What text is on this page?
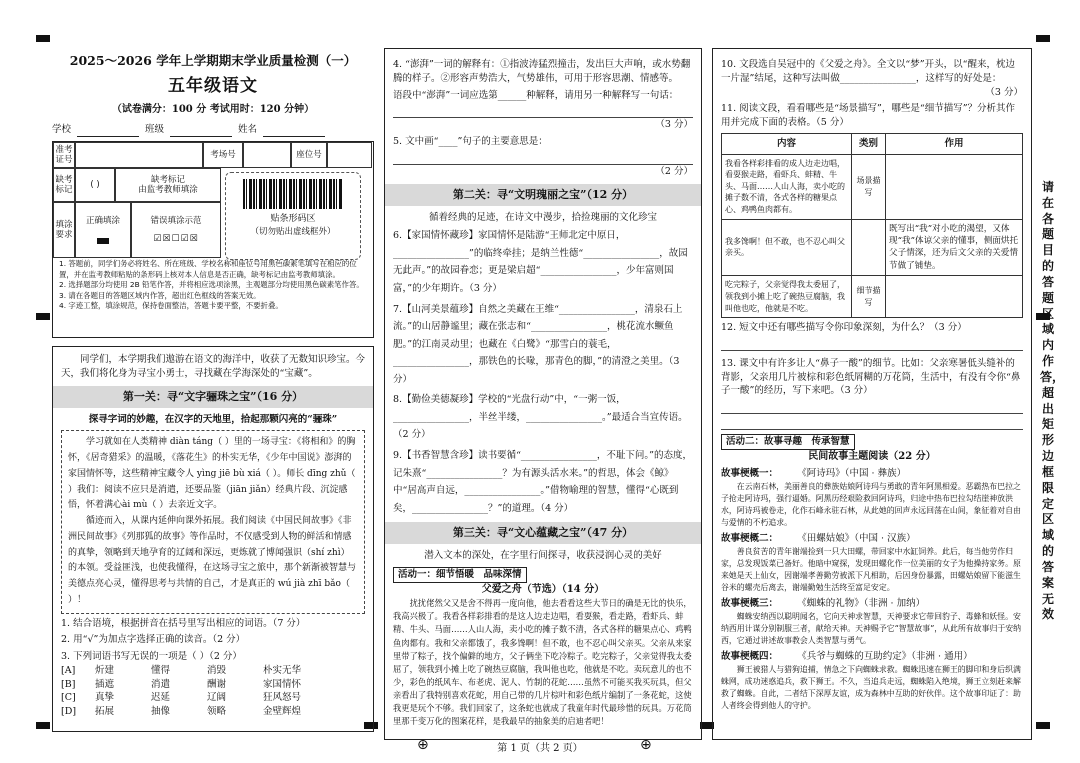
2025～2026 学年上学期期末学业质量检测（一）
五年级语文
（试卷满分：100 分 考试用时：120 分钟）
学校	班级	姓名
准考证号
考场号	座位号
缺考标记
( )
缺考标记
由监考教师填涂
填涂要求
正确填涂	错误填涂示范
☑☒☐☑☒
贴条形码区
（切勿贴出虚线框外）
1. 答题前，同学们务必将姓名、所在班级、学校名称和座位号用黑色碳素笔填写在相应的位置，并在监考教师粘贴的条形码上核对本人信息是否正确，缺考标记由监考教师填涂。
2. 选择题部分均使用 2B 铅笔作答，并将相应选项涂黑，主观题部分均使用黑色碳素笔作答。
3. 请在各题目的答题区域内作答，超出红色框线的答案无效。
4. 字迹工整，填涂规范，保持卷面整洁，答题卡要平整，不要折叠。
同学们，本学期我们遨游在语文的海洋中，收获了无数知识珍宝。今天，我们将化身为寻宝小勇士，寻找藏在学海深处的“宝藏”。
第一关：寻“文字骊珠之宝”（16 分）
探寻字词的妙趣，在汉字的天地里，拾起那颗闪亮的“骊珠”
学习就如在人类精神 diàn táng（ ）里的一场寻宝：《将相和》的胸怀，《居奇猎采》的温暖，《落花生》的朴实无华，《少年中国说》澎湃的家国情怀等，这些精神宝藏令人 yìng jiē bù xiá（ ）。师长 dīng zhǔ（ ）我们：阅读不应只是消遣，还要品鉴（jiān jiǎn）经典片段、沉淀感悟，怀着满心ài mù（ ）去亲近文字。
循迹而入，从课内延伸向课外拓展。我们阅读《中国民间故事》《非洲民间故事》《列那狐的故事》等作品时，不仅感受到人物的鲜活和情感的真挚，领略到天地孕育的辽阔和深远，更炼就了博闻强识（shí zhì）的本领。受益匪浅，也使我懂得，在这场寻宝之旅中，那个新渐被智慧与美德点亮心灵，懂得思考与共情的自己，才是真正的 wú jià zhī bǎo（ ）！
1. 结合语境，根据拼音在括号里写出相应的词语。（7 分）
2. 用“√”为加点字选择正确的读音。（2 分）
3. 下列词语书写无误的一项是（ ）（2 分）
[A]	炘建	懂得	消毁	朴实无华
[B]	插遮	消遣	酬谢	家国情怀
[C]	真挚	迟延	辽阔	狂风怒号
[D]	拓展	抽像	领略	金壁辉煌
4. “澎湃”一词的解释有：①指波涛猛烈撞击，发出巨大声响，或水势翻腾的样子。②形容声势浩大，气势雄伟，可用于形容思潮、情感等。
语段中“澎湃”一词应选第______种解释，请用另一种解释写一句话：
（3 分）
5. 文中画“____”句子的主要意思是：
（2 分）
第二关：寻“文明瑰丽之宝”（12 分）
循着经典的足迹，在诗文中漫步，拾捡瑰丽的文化珍宝
6.【家国情怀藏珍】家国情怀是陆游“王师北定中原日，________________”的临终牵挂；是纳兰性德“________________，故园无此声。”的故园眷恋；更是梁启超“________________，少年富则国富，”的少年期许。（3 分）
7.【山河美景蕴珍】自然之美藏在王维“________________，清泉石上流。”的山居静谧里；藏在张志和“________________，桃花流水鳜鱼肥。”的江南灵动里；也藏在《白鹭》“那雪白的蓑毛，________________，那铁色的长喙，那青色的脚，”的清澄之美里。（3 分）
8.【勤俭美德凝珍】学校的“光盘行动”中，“一粥一饭，________________，半丝半缕，________________。”最适合当宣传语。（2 分）
9.【书香智慧含珍】读书要循“________________，不耻下问。”的态度，记朱熹“________________？为有源头活水来。”的哲思，体会《鲸》中“居高声自远，________________。”借物喻理的智慧，懂得“心既到矣，________________？”的道理。（4 分）
第三关：寻“文心蕴藏之宝”（47 分）
潜入文本的深处，在字里行间探寻，收获浸润心灵的美好
活动一：细节悟暖　品味深情
父爱之舟（节选）（14 分）
扰扰佬然父又是舍不得再一度向他，他去看看这些大节日的确是无比的快乐，我高兴极了。我看各样彩排看的是这人边走边唱，看耍猴，看走路，看虾兵、蚌精、牛头、马面……人山人海，卖小吃的摊子数不清，各式各样的糖果点心、鸡鸭鱼肉都有。我和父亲都饿了，我多馋啊！但不敢，也不忍心叫父亲买。父亲从来家里带了粽子，找个偏僻的地方，父子俩坐下吃冷粽子。吃完粽子，父亲觉得我太委屈了，领我到小摊上吃了碗热豆腐脑，我叫他也吃，他就是不吃。卖玩意儿的也不少，彩色的纸风车、布老虎、泥人、竹制的花蛇……虽然不可能买我买玩具，但父亲看出了我特别喜欢花蛇，用自己带的几片棕叶和彩色纸片编制了一条花蛇，这使我更是玩个不够。我们回家了，这条蛇也就成了我童年时代最珍惜的玩具。万花筒里那千变万化的图案花样，是我最早的抽象美的启迪者吧！
10. 文段选自吴冠中的《父爱之舟》。全文以“梦”开头，以“醒来，枕边一片湿”结尾，这种写法叫做________________，这样写的好处是：
（3 分）
11. 阅读文段，看看哪些是“场景描写”，哪些是“细节描写”？分析其作用并完成下面的表格。（5 分）
内容	类别	作用
我看各样彩排看的成人边走边唱，看耍猴走路，看虾兵、蚌精、牛头、马面……人山人海，卖小吃的摊子数不清，各式各样的糖果点心、鸡鸭鱼肉都有。	场景描写	
我多馋啊！但不敢，也不忍心叫父亲买。		既写出“我”对小吃的渴望，又体现“我”体谅父亲的懂事，侧面烘托父子情深，还为后文父亲的关爱情节做了铺垫。
吃完粽子，父亲觉得我太委屈了，领我到小摊上吃了碗热豆腐脑，我叫他也吃，他就是不吃。	细节描写	
12. 短文中还有哪些描写令你印象深刻，为什么？（3 分）
13. 课文中有许多让人“鼻子一酸”的细节。比如：父亲寒暑低头缝补的背影，父亲用几片被棕和彩色纸屑糊的万花筒，生活中，有没有令你“鼻子一酸”的经历，写下来吧。（3 分）
活动二：故事寻趣　传承智慧
民间故事主题阅读（22 分）
故事梗概一：	《阿诗玛》（中国 · 彝族）
在云南石林，美丽善良的彝族姑娘阿诗玛与勇敢的青年阿黑相爱。恶霸热布巴拉之子抢走阿诗玛，强行逼婚。阿黑历经艰险救回阿诗玛，归途中热布巴拉勾结崖神放洪水，阿诗玛被卷走，化作石峰永驻石林，从此她的回声永远回荡在山间，象征着对自由与爱情的不朽追求。
故事梗概二：	《田螺姑娘》（中国 · 汉族）
善良贫苦的青年谢端捡到一只大田螺，带回家中水缸饲养。此后，每当他劳作归家，总发现饭菜已备好。他暗中窥探，发现田螺化作一位美丽的女子为他操持家务。原来她是天上仙女，因谢端孝善勤劳被派下凡相助，后因身份暴露，田螺姑娘留下能滋生谷米的螺壳后离去，谢端勤勉生活终至富足安定。
故事梗概三：	《蜘蛛的礼物》（非洲 · 加纳）
蜘蛛安纳西以聪明闻名，它向天神求智慧，天神要求它带回豹子、毒蜂和妖怪。安纳西用计谋分别制服三者，献给天神。天神赐予它“智慧故事”，从此所有故事归于安纳西，它通过讲述故事教会人类智慧与勇气。
故事梗概四：	《兵爷与蜘蛛的互助约定》（非洲 · 通用）
狮王被猎人与猎狗追捕，情急之下向蜘蛛求救。蜘蛛迅速在狮王的脚印和身后织满蛛网，成功迷惑追兵，救下狮王。不久，当追兵走远，蜘蛛陷入绝境，狮王立刻赶来解救了蜘蛛。自此，二者结下深厚友谊，成为森林中互助的好伙伴。这个故事印证了：助人者终会得到他人的守护。
请在各题目的答题区域内作答，超出矩形边框限定区域的答案无效
⊕	⊕
第 1 页（共 2 页）
